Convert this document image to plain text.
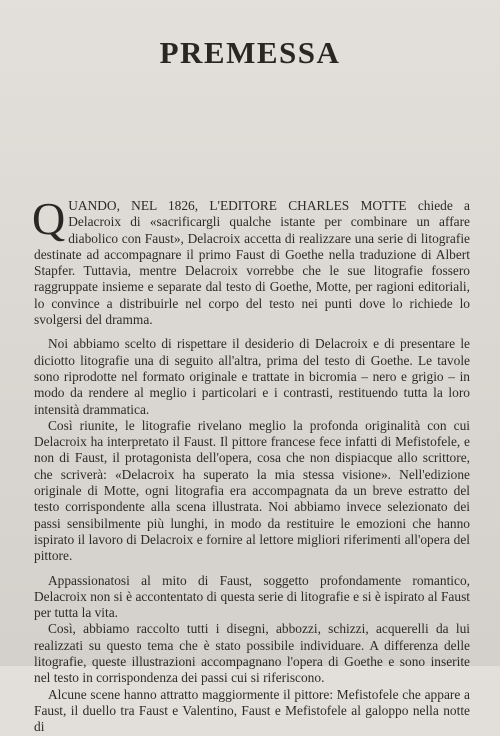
PREMESSA

QUANDO, NEL 1826, L'EDITORE CHARLES MOTTE chiede a Delacroix di «sacrificargli qualche istante per combinare un affare diabolico con Faust», Delacroix accetta di realizzare una serie di litografie destinate ad accompagnare il primo Faust di Goethe nella traduzione di Albert Stapfer. Tuttavia, mentre Delacroix vorrebbe che le sue litografie fossero raggruppate insieme e separate dal testo di Goethe, Motte, per ragioni editoriali, lo convince a distribuirle nel corpo del testo nei punti dove lo richiede lo svolgersi del dramma.

Noi abbiamo scelto di rispettare il desiderio di Delacroix e di presentare le diciotto litografie una di seguito all'altra, prima del testo di Goethe. Le tavole sono riprodotte nel formato originale e trattate in bicromia – nero e grigio – in modo da rendere al meglio i particolari e i contrasti, restituendo tutta la loro intensità drammatica.

Così riunite, le litografie rivelano meglio la profonda originalità con cui Delacroix ha interpretato il Faust. Il pittore francese fece infatti di Mefistofele, e non di Faust, il protagonista dell'opera, cosa che non dispiacque allo scrittore, che scriverà: «Delacroix ha superato la mia stessa visione». Nell'edizione originale di Motte, ogni litografia era accompagnata da un breve estratto del testo corrispondente alla scena illustrata. Noi abbiamo invece selezionato dei passi sensibilmente più lunghi, in modo da restituire le emozioni che hanno ispirato il lavoro di Delacroix e fornire al lettore migliori riferimenti all'opera del pittore.

Appassionatosi al mito di Faust, soggetto profondamente romantico, Delacroix non si è accontentato di questa serie di litografie e si è ispirato al Faust per tutta la vita.

Così, abbiamo raccolto tutti i disegni, abbozzi, schizzi, acquerelli da lui realizzati su questo tema che è stato possibile individuare. A differenza delle litografie, queste illustrazioni accompagnano l'opera di Goethe e sono inserite nel testo in corrispondenza dei passi cui si riferiscono.

Alcune scene hanno attratto maggiormente il pittore: Mefistofele che appare a Faust, il duello tra Faust e Valentino, Faust e Mefistofele al galoppo nella notte di
